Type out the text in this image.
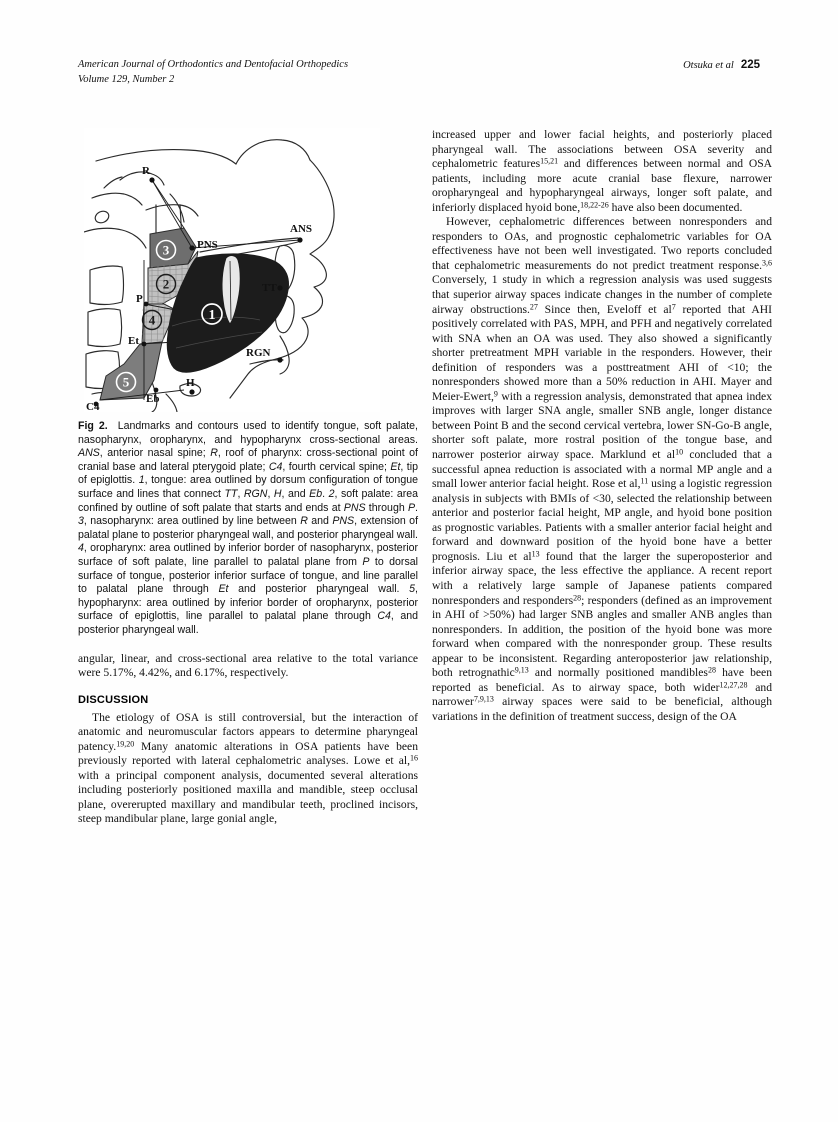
American Journal of Orthodontics and Dentofacial Orthopedics
Volume 129, Number 2
Otsuka et al 225
R
PNS
ANS
TT
P
Et
Eb
H
RGN
C4
3
2
4
5
1

Fig 2.  Landmarks and contours used to identify tongue, soft palate, nasopharynx, oropharynx, and hypopharynx cross-sectional areas. ANS, anterior nasal spine; R, roof of pharynx: cross-sectional point of cranial base and lateral pterygoid plate; C4, fourth cervical spine; Et, tip of epiglottis. 1, tongue: area outlined by dorsum configuration of tongue surface and lines that connect TT, RGN, H, and Eb. 2, soft palate: area confined by outline of soft palate that starts and ends at PNS through P. 3, nasopharynx: area outlined by line between R and PNS, extension of palatal plane to posterior pharyngeal wall, and posterior pharyngeal wall. 4, oropharynx: area outlined by inferior border of nasopharynx, posterior surface of soft palate, line parallel to palatal plane from P to dorsal surface of tongue, posterior inferior surface of tongue, and line parallel to palatal plane through Et and posterior pharyngeal wall. 5, hypopharynx: area outlined by inferior border of oropharynx, posterior surface of epiglottis, line parallel to palatal plane through C4, and posterior pharyngeal wall.

angular, linear, and cross-sectional area relative to the total variance were 5.17%, 4.42%, and 6.17%, respectively.

DISCUSSION

The etiology of OSA is still controversial, but the interaction of anatomic and neuromuscular factors appears to determine pharyngeal patency.$^{19,20}$ Many anatomic alterations in OSA patients have been previously reported with lateral cephalometric analyses. Lowe et al,$^{16}$ with a principal component analysis, documented several alterations including posteriorly positioned maxilla and mandible, steep occlusal plane, overerupted maxillary and mandibular teeth, proclined incisors, steep mandibular plane, large gonial angle,

increased upper and lower facial heights, and posteriorly placed pharyngeal wall. The associations between OSA severity and cephalometric features$^{15,21}$ and differences between normal and OSA patients, including more acute cranial base flexure, narrower oropharyngeal and hypopharyngeal airways, longer soft palate, and inferiorly displaced hyoid bone,$^{18,22-26}$ have also been documented.

However, cephalometric differences between nonresponders and responders to OAs, and prognostic cephalometric variables for OA effectiveness have not been well investigated. Two reports concluded that cephalometric measurements do not predict treatment response.$^{3,6}$ Conversely, 1 study in which a regression analysis was used suggests that superior airway spaces indicate changes in the number of complete airway obstructions.$^{27}$ Since then, Eveloff et $al^7$ reported that AHI positively correlated with PAS, MPH, and PFH and negatively correlated with SNA when an OA was used. They also showed a significantly shorter pretreatment MPH variable in the responders. However, their definition of responders was a posttreatment AHI of <10; the nonresponders showed more than a 50% reduction in AHI. Mayer and Meier-Ewert,$^9$ with a regression analysis, demonstrated that apnea index improves with larger SNA angle, smaller SNB angle, longer distance between Point B and the second cervical vertebra, lower SN-Go-B angle, shorter soft palate, more rostral position of the tongue base, and narrower posterior airway space. Marklund et $al^{10}$ concluded that a successful apnea reduction is associated with a normal MP angle and a small lower anterior facial height. Rose et al,$^{11}$ using a logistic regression analysis in subjects with BMIs of <30, selected the relationship between anterior and posterior facial height, MP angle, and hyoid bone position as prognostic variables. Patients with a smaller anterior facial height and forward and downward position of the hyoid bone have a better prognosis. Liu et $al^{13}$ found that the larger the superoposterior and inferior airway space, the less effective the appliance. A recent report with a relatively large sample of Japanese patients compared nonresponders and responders$^{28}$; responders (defined as an improvement in AHI of >50%) had larger SNB angles and smaller ANB angles than nonresponders. In addition, the position of the hyoid bone was more forward when compared with the nonresponder group. These results appear to be inconsistent. Regarding anteroposterior jaw relationship, both retrognathic$^{9,13}$ and normally positioned mandibles$^{28}$ have been reported as beneficial. As to airway space, both wider$^{12,27,28}$ and narrower$^{7,9,13}$ airway spaces were said to be beneficial, although variations in the definition of treatment success, design of the OA
